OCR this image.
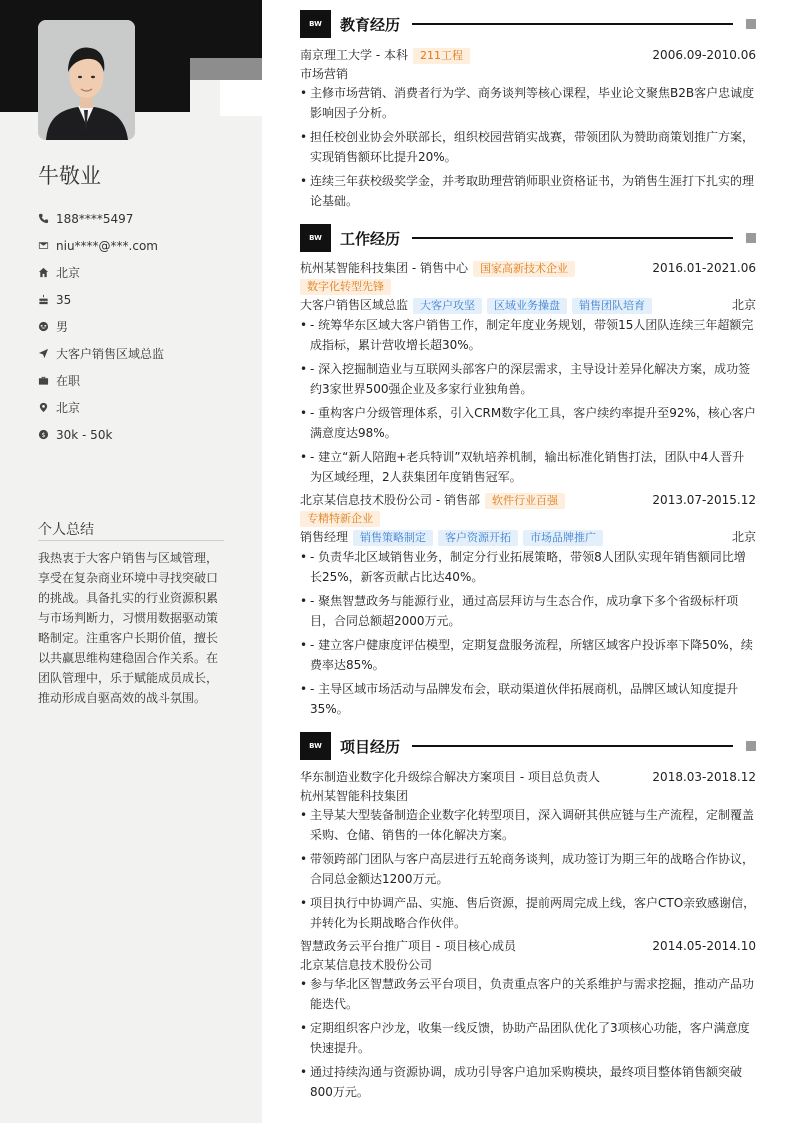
牛敬业
188****5497
niu****@***.com
北京
35
男
大客户销售区域总监
在职
北京
$ 30k - 50k
个人总结
我热衷于大客户销售与区域管理，享受在复杂商业环境中寻找突破口的挑战。具备扎实的行业资源积累与市场判断力，习惯用数据驱动策略制定。注重客户长期价值，擅长以共赢思维构建稳固合作关系。在团队管理中，乐于赋能成员成长，推动形成自驱高效的战斗氛围。
BW	教育经历
南京理工大学 - 本科	211工程	2006.09-2010.06
市场营销
• 主修市场营销、消费者行为学、商务谈判等核心课程，毕业论文聚焦B2B客户忠诚度影响因子分析。
• 担任校创业协会外联部长，组织校园营销实战赛，带领团队为赞助商策划推广方案，实现销售额环比提升20%。
• 连续三年获校级奖学金，并考取助理营销师职业资格证书，为销售生涯打下扎实的理论基础。
BW	工作经历
杭州某智能科技集团 - 销售中心	国家高新技术企业	2016.01-2021.06
数字化转型先锋
大客户销售区域总监	大客户攻坚	区域业务操盘	销售团队培育	北京
• - 统筹华东区域大客户销售工作，制定年度业务规划，带领15人团队连续三年超额完成指标，累计营收增长超30%。
• - 深入挖掘制造业与互联网头部客户的深层需求，主导设计差异化解决方案，成功签约3家世界500强企业及多家行业独角兽。
• - 重构客户分级管理体系，引入CRM数字化工具，客户续约率提升至92%，核心客户满意度达98%。
• - 建立“新人陪跑+老兵特训”双轨培养机制，输出标准化销售打法，团队中4人晋升为区域经理，2人获集团年度销售冠军。
北京某信息技术股份公司 - 销售部	软件行业百强	2013.07-2015.12
专精特新企业
销售经理	销售策略制定	客户资源开拓	市场品牌推广	北京
• - 负责华北区域销售业务，制定分行业拓展策略，带领8人团队实现年销售额同比增长25%，新客贡献占比达40%。
• - 聚焦智慧政务与能源行业，通过高层拜访与生态合作，成功拿下多个省级标杆项目，合同总额超2000万元。
• - 建立客户健康度评估模型，定期复盘服务流程，所辖区域客户投诉率下降50%，续费率达85%。
• - 主导区域市场活动与品牌发布会，联动渠道伙伴拓展商机，品牌区域认知度提升35%。
BW	项目经历
华东制造业数字化升级综合解决方案项目 - 项目总负责人	2018.03-2018.12
杭州某智能科技集团
• 主导某大型装备制造企业数字化转型项目，深入调研其供应链与生产流程，定制覆盖采购、仓储、销售的一体化解决方案。
• 带领跨部门团队与客户高层进行五轮商务谈判，成功签订为期三年的战略合作协议，合同总金额达1200万元。
• 项目执行中协调产品、实施、售后资源，提前两周完成上线，客户CTO亲致感谢信，并转化为长期战略合作伙伴。
智慧政务云平台推广项目 - 项目核心成员	2014.05-2014.10
北京某信息技术股份公司
• 参与华北区智慧政务云平台项目，负责重点客户的关系维护与需求挖掘，推动产品功能迭代。
• 定期组织客户沙龙，收集一线反馈，协助产品团队优化了3项核心功能，客户满意度快速提升。
• 通过持续沟通与资源协调，成功引导客户追加采购模块，最终项目整体销售额突破800万元。
